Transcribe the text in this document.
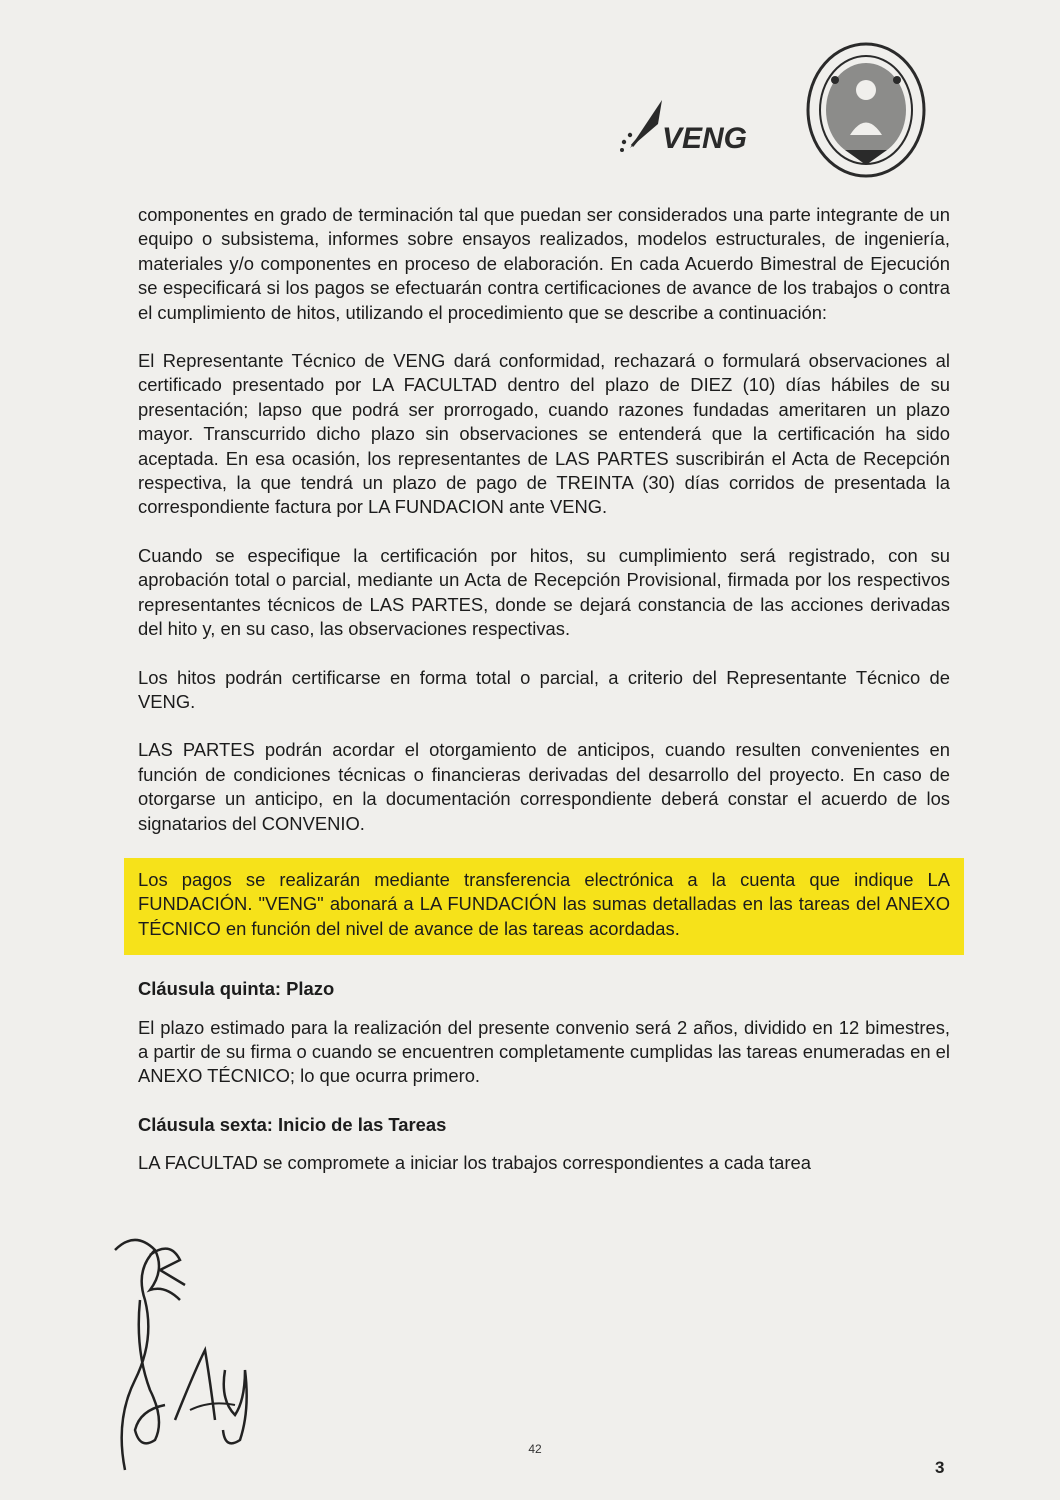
VENG

componentes en grado de terminación tal que puedan ser considerados una parte integrante de un equipo o subsistema, informes sobre ensayos realizados, modelos estructurales, de ingeniería, materiales y/o componentes en proceso de elaboración. En cada Acuerdo Bimestral de Ejecución se especificará si los pagos se efectuarán contra certificaciones de avance de los trabajos o contra el cumplimiento de hitos, utilizando el procedimiento que se describe a continuación:

El Representante Técnico de VENG dará conformidad, rechazará o formulará observaciones al certificado presentado por LA FACULTAD dentro del plazo de DIEZ (10) días hábiles de su presentación; lapso que podrá ser prorrogado, cuando razones fundadas ameritaren un plazo mayor. Transcurrido dicho plazo sin observaciones se entenderá que la certificación ha sido aceptada. En esa ocasión, los representantes de LAS PARTES suscribirán el Acta de Recepción respectiva, la que tendrá un plazo de pago de TREINTA (30) días corridos de presentada la correspondiente factura por LA FUNDACION ante VENG.

Cuando se especifique la certificación por hitos, su cumplimiento será registrado, con su aprobación total o parcial, mediante un Acta de Recepción Provisional, firmada por los respectivos representantes técnicos de LAS PARTES, donde se dejará constancia de las acciones derivadas del hito y, en su caso, las observaciones respectivas.

Los hitos podrán certificarse en forma total o parcial, a criterio del Representante Técnico de VENG.

LAS PARTES podrán acordar el otorgamiento de anticipos, cuando resulten convenientes en función de condiciones técnicas o financieras derivadas del desarrollo del proyecto. En caso de otorgarse un anticipo, en la documentación correspondiente deberá constar el acuerdo de los signatarios del CONVENIO.

Los pagos se realizarán mediante transferencia electrónica a la cuenta que indique LA FUNDACIÓN. "VENG" abonará a LA FUNDACIÓN las sumas detalladas en las tareas del ANEXO TÉCNICO en función del nivel de avance de las tareas acordadas.

Cláusula quinta: Plazo

El plazo estimado para la realización del presente convenio será 2 años, dividido en 12 bimestres, a partir de su firma o cuando se encuentren completamente cumplidas las tareas enumeradas en el ANEXO TÉCNICO; lo que ocurra primero.

Cláusula sexta: Inicio de las Tareas

LA FACULTAD se compromete a iniciar los trabajos correspondientes a cada tarea

42
3
